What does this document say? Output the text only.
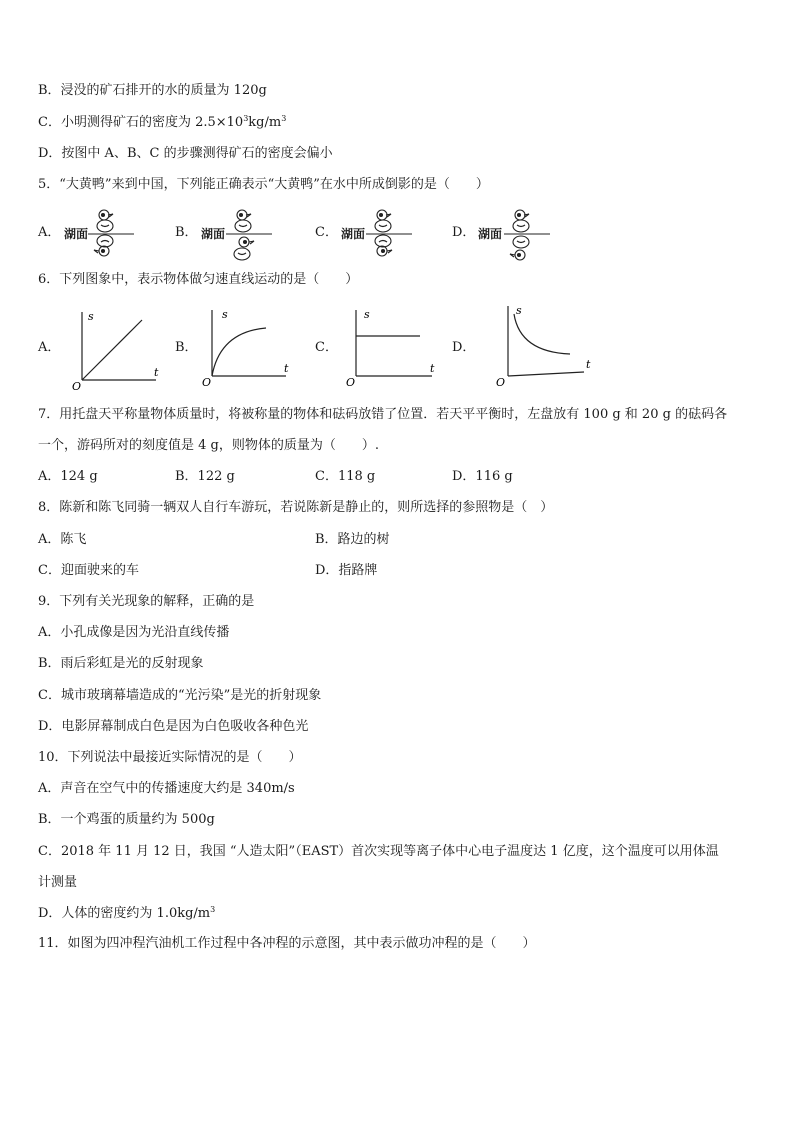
B．浸没的矿石排开的水的质量为 120g
C．小明测得矿石的密度为 $2.5\times 10^3kg/m^3$
D．按图中 A、B、C 的步骤测得矿石的密度会偏小
5．“大黄鸭”来到中国，下列能正确表示“大黄鸭”在水中所成倒影的是（　　）
A． 湖面	B． 湖面	C． 湖面	D． 湖面
6．下列图象中，表示物体做匀速直线运动的是（　　）
A．
s
t
O
B．
s
t
O
C．
s
t
O
D．
s
t
O
7．用托盘天平称量物体质量时，将被称量的物体和砝码放错了位置．若天平平衡时，左盘放有 100 g 和 20 g 的砝码各
一个，游码所对的刻度值是 4 g，则物体的质量为（　　）.
A．124 g	B．122 g	C．118 g	D．116 g
8．陈新和陈飞同骑一辆双人自行车游玩，若说陈新是静止的，则所选择的参照物是（　）
A．陈飞	B．路边的树
C．迎面驶来的车	D．指路牌
9．下列有关光现象的解释，正确的是
A．小孔成像是因为光沿直线传播
B．雨后彩虹是光的反射现象
C．城市玻璃幕墙造成的“光污染”是光的折射现象
D．电影屏幕制成白色是因为白色吸收各种色光
10．下列说法中最接近实际情况的是（　　）
A．声音在空气中的传播速度大约是 340m/s
B．一个鸡蛋的质量约为 500g
C．2018 年 11 月 12 日，我国 “人造太阳”（EAST）首次实现等离子体中心电子温度达 1 亿度，这个温度可以用体温
计测量
D．人体的密度约为 $1.0kg/m^3$
11．如图为四冲程汽油机工作过程中各冲程的示意图，其中表示做功冲程的是（　　）
